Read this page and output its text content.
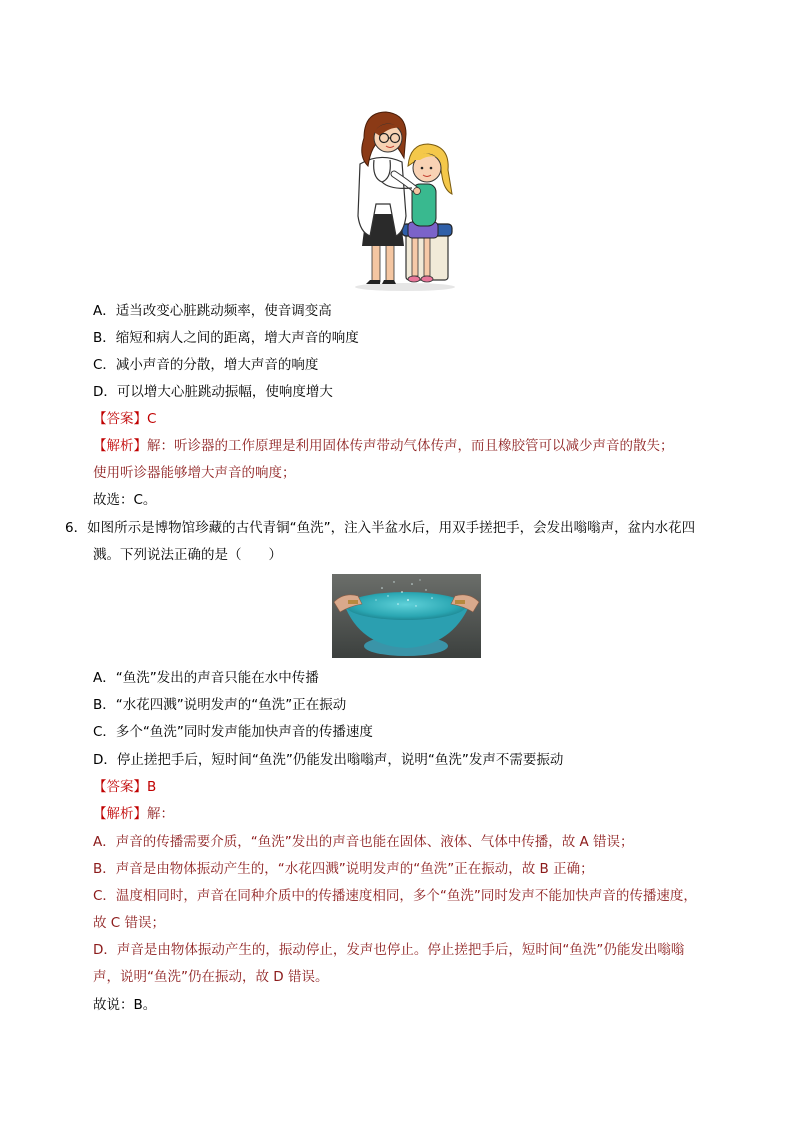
A．适当改变心脏跳动频率，使音调变高
B．缩短和病人之间的距离，增大声音的响度
C．减小声音的分散，增大声音的响度
D．可以增大心脏跳动振幅，使响度增大
【答案】C
【解析】解：听诊器的工作原理是利用固体传声带动气体传声，而且橡胶管可以减少声音的散失；
使用听诊器能够增大声音的响度；
故选：C。
6．如图所示是博物馆珍藏的古代青铜“鱼洗”，注入半盆水后，用双手搓把手，会发出嗡嗡声，盆内水花四
溅。下列说法正确的是（　　）
A．“鱼洗”发出的声音只能在水中传播
B．“水花四溅”说明发声的“鱼洗”正在振动
C．多个“鱼洗”同时发声能加快声音的传播速度
D．停止搓把手后，短时间“鱼洗”仍能发出嗡嗡声，说明“鱼洗”发声不需要振动
【答案】B
【解析】解：
A．声音的传播需要介质，“鱼洗”发出的声音也能在固体、液体、气体中传播，故 A 错误；
B．声音是由物体振动产生的，“水花四溅”说明发声的“鱼洗”正在振动，故 B 正确；
C．温度相同时，声音在同种介质中的传播速度相同，多个“鱼洗”同时发声不能加快声音的传播速度，
故 C 错误；
D．声音是由物体振动产生的，振动停止，发声也停止。停止搓把手后，短时间“鱼洗”仍能发出嗡嗡
声，说明“鱼洗”仍在振动，故 D 错误。
故说：B。
